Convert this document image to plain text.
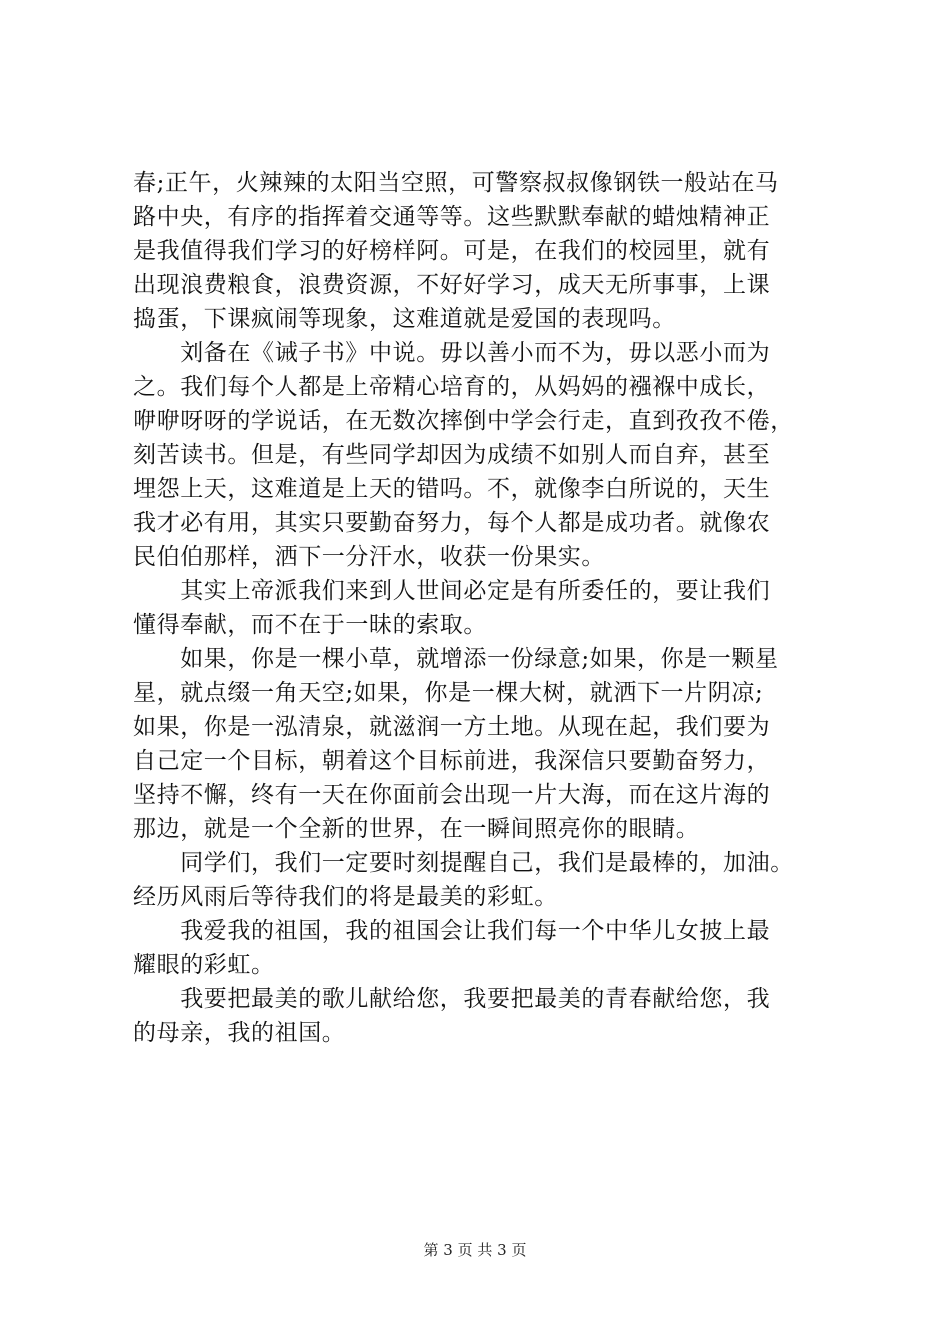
春;正午，火辣辣的太阳当空照，可警察叔叔像钢铁一般站在马
路中央，有序的指挥着交通等等。这些默默奉献的蜡烛精神正
是我值得我们学习的好榜样阿。可是，在我们的校园里，就有
出现浪费粮食，浪费资源，不好好学习，成天无所事事，上课
捣蛋，下课疯闹等现象，这难道就是爱国的表现吗。
　　刘备在《诫子书》中说。毋以善小而不为，毋以恶小而为
之。我们每个人都是上帝精心培育的，从妈妈的襁褓中成长，
咿咿呀呀的学说话，在无数次摔倒中学会行走，直到孜孜不倦，
刻苦读书。但是，有些同学却因为成绩不如别人而自弃，甚至
埋怨上天，这难道是上天的错吗。不，就像李白所说的，天生
我才必有用，其实只要勤奋努力，每个人都是成功者。就像农
民伯伯那样，洒下一分汗水，收获一份果实。
　　其实上帝派我们来到人世间必定是有所委任的，要让我们
懂得奉献，而不在于一昧的索取。
　　如果，你是一棵小草，就增添一份绿意;如果，你是一颗星
星，就点缀一角天空;如果，你是一棵大树，就洒下一片阴凉;
如果，你是一泓清泉，就滋润一方土地。从现在起，我们要为
自己定一个目标，朝着这个目标前进，我深信只要勤奋努力，
坚持不懈，终有一天在你面前会出现一片大海，而在这片海的
那边，就是一个全新的世界，在一瞬间照亮你的眼睛。
　　同学们，我们一定要时刻提醒自己，我们是最棒的，加油。
经历风雨后等待我们的将是最美的彩虹。
　　我爱我的祖国，我的祖国会让我们每一个中华儿女披上最
耀眼的彩虹。
　　我要把最美的歌儿献给您，我要把最美的青春献给您，我
的母亲，我的祖国。
第 3 页 共 3 页
